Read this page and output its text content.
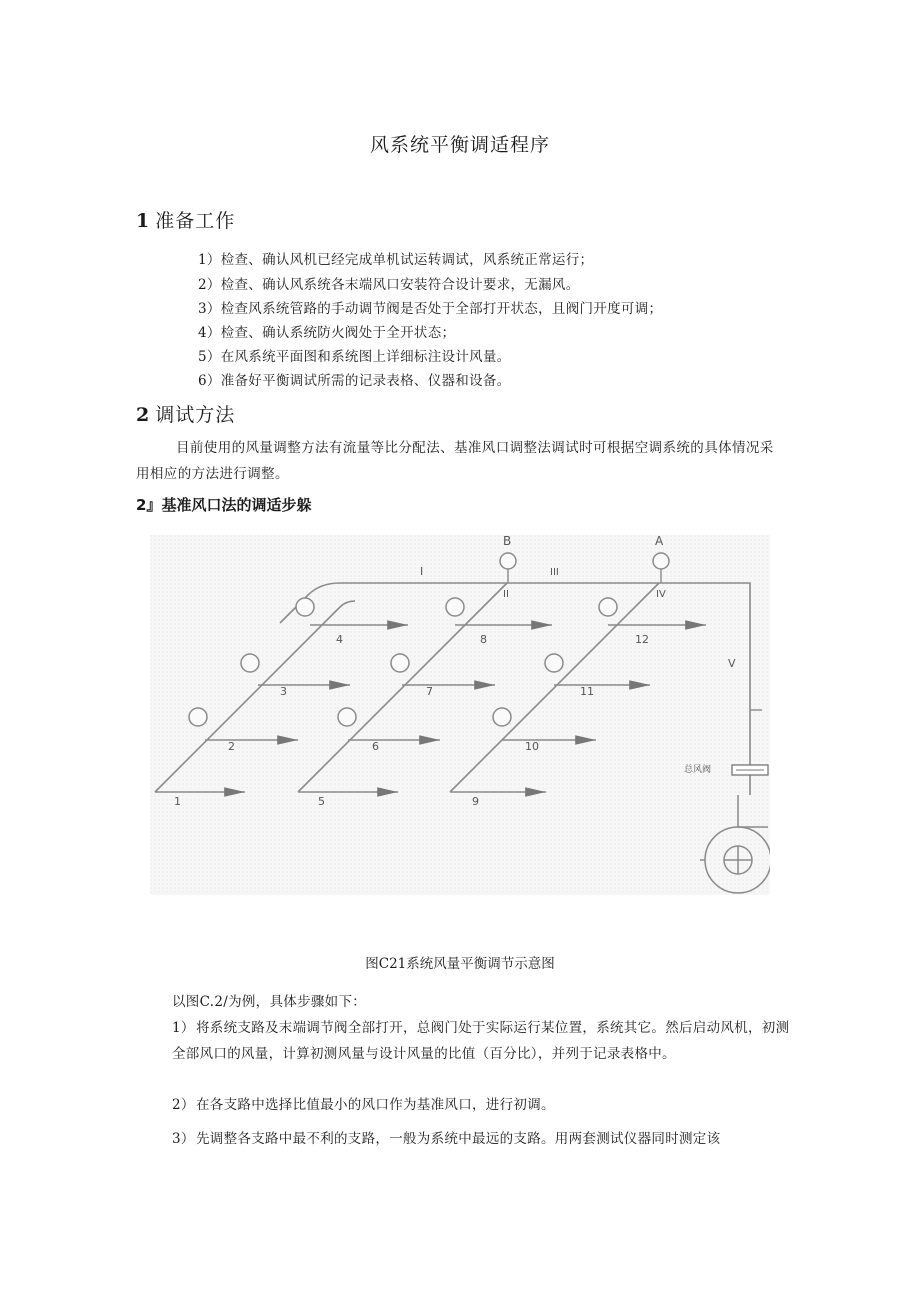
风系统平衡调适程序
1 准备工作
1）检查、确认风机已经完成单机试运转调试，风系统正常运行；
2）检查、确认风系统各末端风口安装符合设计要求，无漏风。
3）检查风系统管路的手动调节阀是否处于全部打开状态，且阀门开度可调；
4）检查、确认系统防火阀处于全开状态；
5）在风系统平面图和系统图上详细标注设计风量。
6）准备好平衡调试所需的记录表格、仪器和设备。
2 调试方法
目前使用的风量调整方法有流量等比分配法、基准风口调整法调试时可根据空调系统的具体情况采用相应的方法进行调整。
2』基准风口法的调适步躲
B	A
I	III
II	IV
V
总风阀
1
2
3
4
5
6
7
8
9
10
11
12
图C21系统风量平衡调节示意图
以图C.2/为例，具体步骤如下：
1）将系统支路及末端调节阀全部打开，总阀门处于实际运行某位置，系统其它。然后启动风机，初测全部风口的风量，计算初测风量与设计风量的比值（百分比），并列于记录表格中。
2）在各支路中选择比值最小的风口作为基准风口，进行初调。
3）先调整各支路中最不利的支路，一般为系统中最远的支路。用两套测试仪器同时测定该
